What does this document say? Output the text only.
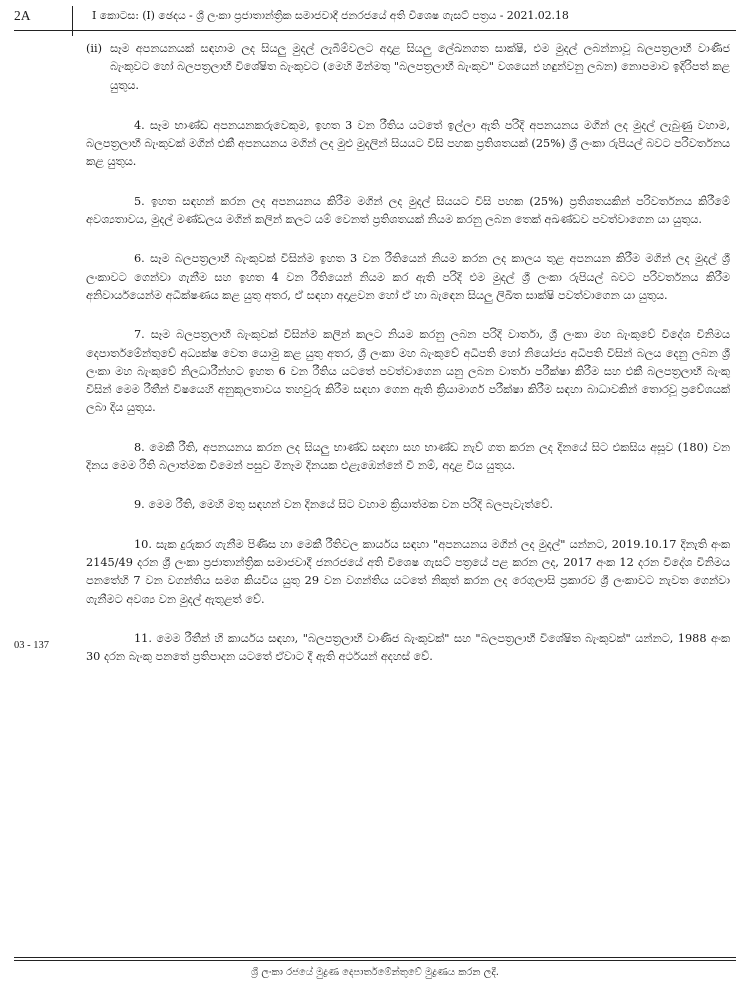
2A	I කොටස: (I) ඡෙදය - ශ්‍රී ලංකා ප්‍රජාතාන්ත්‍රික සමාජවාදී ජනරජයේ අති විශෙෂ ගැසට් පත්‍රය - 2021.02.18

(ii) සෑම අපනයනයක් සඳහාම ලද සියලු මුදල් ලැබීම්වලට අදාළ සියලු ලේඛනගත සාක්ෂි, එම මුදල් ලබන්නාවූ බලපත්‍රලාභී වාණිජ බැංකුවට හෝ බලපත්‍රලාභී විශේෂිත බැංකුවට (මෙහි මින්මතු "බලපත්‍රලාභී බැංකුව" වශයෙන් හඳුන්වනු ලබන) නොපමාව ඉදිරිපත් කළ යුතුය.

4. සෑම භාණ්ඩ අපනයනකරුවෙකුම, ඉහත 3 වන රීතිය යටතේ ඉල්ලා ඇති පරිදි අපනයනය මගින් ලද මුදල් ලැබුණු වහාම, බලපත්‍රලාභී බැංකුවක් මගින් එකී අපනයනය මගින් ලද මුළු මුදලින් සියයට විසි පහක ප්‍රතිශතයක් (25%) ශ්‍රී ලංකා රුපියල් බවට පරිවර්තනය කළ යුතුය.

5. ඉහත සඳහන් කරන ලද අපනයනය කිරීම මගින් ලද මුදල් සියයට විසි පහක (25%) ප්‍රතිශතයකින් පරිවර්තනය කිරීමේ අවශ්‍යතාවය, මුදල් මණ්ඩලය මගින් කලින් කලට යම් වෙනත් ප්‍රතිශතයක් නියම කරනු ලබන තෙක් අඛණ්ඩව පවත්වාගෙන යා යුතුය.

6. සෑම බලපත්‍රලාභී බැංකුවක් විසින්ම ඉහත 3 වන රීතියෙන් නියම කරන ලද කාලය තුළ අපනයන කිරීම මගින් ලද මුදල් ශ්‍රී ලංකාවට ගෙන්වා ගැනීම සහ ඉහත 4 වන රීතියෙන් නියම කර ඇති පරිදි එම මුදල් ශ්‍රී ලංකා රුපියල් බවට පරිවර්තනය කිරීම අනිවාර්යයෙන්ම අධීක්ෂණය කළ යුතු අතර, ඒ සඳහා අදාළවන හෝ ඒ හා බැඳෙන සියලු ලිඛිත සාක්ෂි පවත්වාගෙන යා යුතුය.

7. සෑම බලපත්‍රලාභී බැංකුවක් විසින්ම කලින් කලට නියම කරනු ලබන පරිදි වාර්තා, ශ්‍රී ලංකා මහ බැංකුවේ විදේශ විනිමය දෙපාර්තමේන්තුවේ අධ්‍යක්ෂ වෙත යොමු කළ යුතු අතර, ශ්‍රී ලංකා මහ බැංකුවේ අධිපති හෝ නියෝජ්‍ය අධිපති විසින් බලය දෙනු ලබන ශ්‍රී ලංකා මහ බැංකුවේ නිලධාරීන්හට ඉහත 6 වන රීතිය යටතේ පවත්වාගෙන යනු ලබන වාර්තා පරීක්ෂා කිරීම සහ එකී බලපත්‍රලාභී බැංකු විසින් මෙම රීතීන් විෂයෙහි අනුකූලතාවය තහවුරු කිරීම සඳහා ගෙන ඇති ක්‍රියාමාර්ග පරීක්ෂා කිරීම සඳහා බාධාවකින් තොරවූ ප්‍රවේශයක් ලබා දිය යුතුය.

8. මෙකී රීති, අපනයනය කරන ලද සියලු භාණ්ඩ සඳහා සහ භාණ්ඩ නැව් ගත කරන ලද දිනයේ සිට එකසිය අසූව (180) වන දිනය මෙම රීති බලාත්මක වීමෙන් පසුව මිනෑම දිනයක එළැඹෙන්නේ වී නම්, අදාළ විය යුතුය.

9. මෙම රීති, මෙහි මතු සඳහන් වන දිනයේ සිට වහාම ක්‍රියාත්මක වන පරිදි බලපැවැත්වේ.

10. සැක දුරුකර ගැනීම පිණිස හා මෙකී රීතිවල කාර්යය සඳහා "අපනයනය මගින් ලද මුදල්" යන්නට, 2019.10.17 දිනැති අංක 2145/49 දරන ශ්‍රී ලංකා ප්‍රජාතාන්ත්‍රික සමාජවාදී ජනරජයේ අති විශෙෂ ගැසට් පත්‍රයේ පළ කරන ලද, 2017 අංක 12 දරන විදේශ විනිමය පනතේහි 7 වන වගන්තිය සමග කියවිය යුතු 29 වන වගන්තිය යටතේ නිකුත් කරන ලද රෙගුලාසි ප්‍රකාරව ශ්‍රී ලංකාවට නැවත ගෙන්වා ගැනීමට අවශ්‍ය වන මුදල් ඇතුළත් වේ.

11. මෙම රීතීන් හි කාර්යය සඳහා, "බලපත්‍රලාභී වාණිජ බැංකුවක්" සහ "බලපත්‍රලාභී විශේෂිත බැංකුවක්" යන්නට, 1988 අංක 30 දරන බැංකු පනතේ ප්‍රතිපාදන යටතේ ඒවාට දී ඇති අර්ථයන් අදහස් වේ.

03 - 137
ශ්‍රී ලංකා රජයේ මුද්‍රණ දෙපාර්තමේන්තුවේ මුද්‍රණය කරන ලදී.
